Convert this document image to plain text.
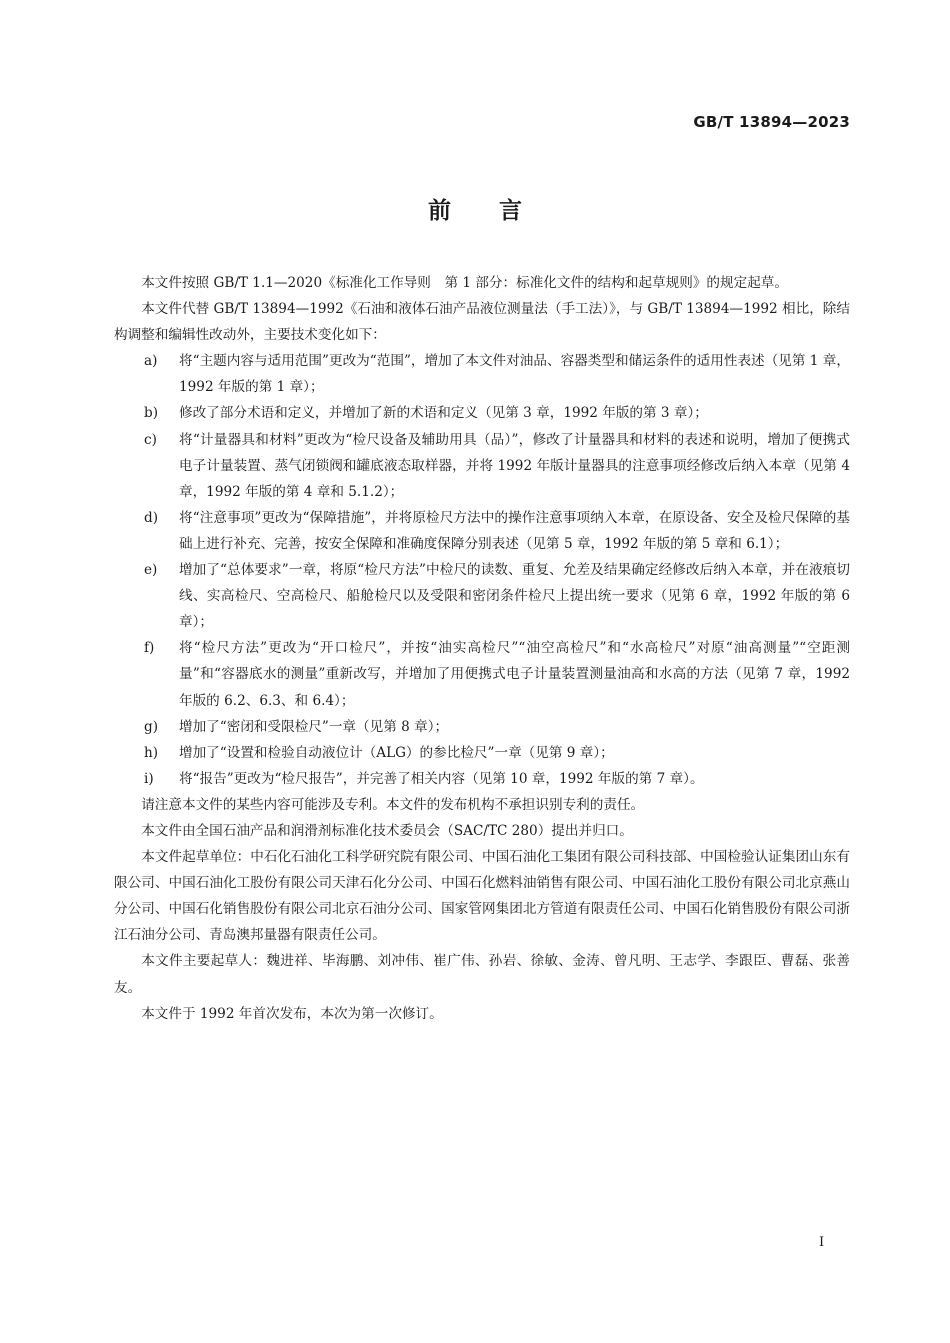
GB/T 13894—2023
前言

本文件按照 GB/T 1.1—2020《标准化工作导则　第 1 部分：标准化文件的结构和起草规则》的规定起草。

本文件代替 GB/T 13894—1992《石油和液体石油产品液位测量法（手工法）》，与 GB/T 13894—1992 相比，除结构调整和编辑性改动外，主要技术变化如下：

a) 将“主题内容与适用范围”更改为“范围”，增加了本文件对油品、容器类型和储运条件的适用性表述（见第 1 章，1992 年版的第 1 章）；
b) 修改了部分术语和定义，并增加了新的术语和定义（见第 3 章，1992 年版的第 3 章）；
c) 将“计量器具和材料”更改为“检尺设备及辅助用具（品）”，修改了计量器具和材料的表述和说明，增加了便携式电子计量装置、蒸气闭锁阀和罐底液态取样器，并将 1992 年版计量器具的注意事项经修改后纳入本章（见第 4 章，1992 年版的第 4 章和 5.1.2）；
d) 将“注意事项”更改为“保障措施”，并将原检尺方法中的操作注意事项纳入本章，在原设备、安全及检尺保障的基础上进行补充、完善，按安全保障和准确度保障分别表述（见第 5 章，1992 年版的第 5 章和 6.1）；
e) 增加了“总体要求”一章，将原“检尺方法”中检尺的读数、重复、允差及结果确定经修改后纳入本章，并在液痕切线、实高检尺、空高检尺、船舱检尺以及受限和密闭条件检尺上提出统一要求（见第 6 章，1992 年版的第 6 章）；
f) 将“检尺方法”更改为“开口检尺”，并按“油实高检尺”“油空高检尺”和“水高检尺”对原“油高测量”“空距测量”和“容器底水的测量”重新改写，并增加了用便携式电子计量装置测量油高和水高的方法（见第 7 章，1992 年版的 6.2、6.3、和 6.4）；
g) 增加了“密闭和受限检尺”一章（见第 8 章）；
h) 增加了“设置和检验自动液位计（ALG）的参比检尺”一章（见第 9 章）；
i) 将“报告”更改为“检尺报告”，并完善了相关内容（见第 10 章，1992 年版的第 7 章）。

请注意本文件的某些内容可能涉及专利。本文件的发布机构不承担识别专利的责任。

本文件由全国石油产品和润滑剂标准化技术委员会（SAC/TC 280）提出并归口。

本文件起草单位：中石化石油化工科学研究院有限公司、中国石油化工集团有限公司科技部、中国检验认证集团山东有限公司、中国石油化工股份有限公司天津石化分公司、中国石化燃料油销售有限公司、中国石油化工股份有限公司北京燕山分公司、中国石化销售股份有限公司北京石油分公司、国家管网集团北方管道有限责任公司、中国石化销售股份有限公司浙江石油分公司、青岛澳邦量器有限责任公司。

本文件主要起草人：魏进祥、毕海鹏、刘冲伟、崔广伟、孙岩、徐敏、金涛、曾凡明、王志学、李跟臣、曹磊、张善友。

本文件于 1992 年首次发布，本次为第一次修订。

I
